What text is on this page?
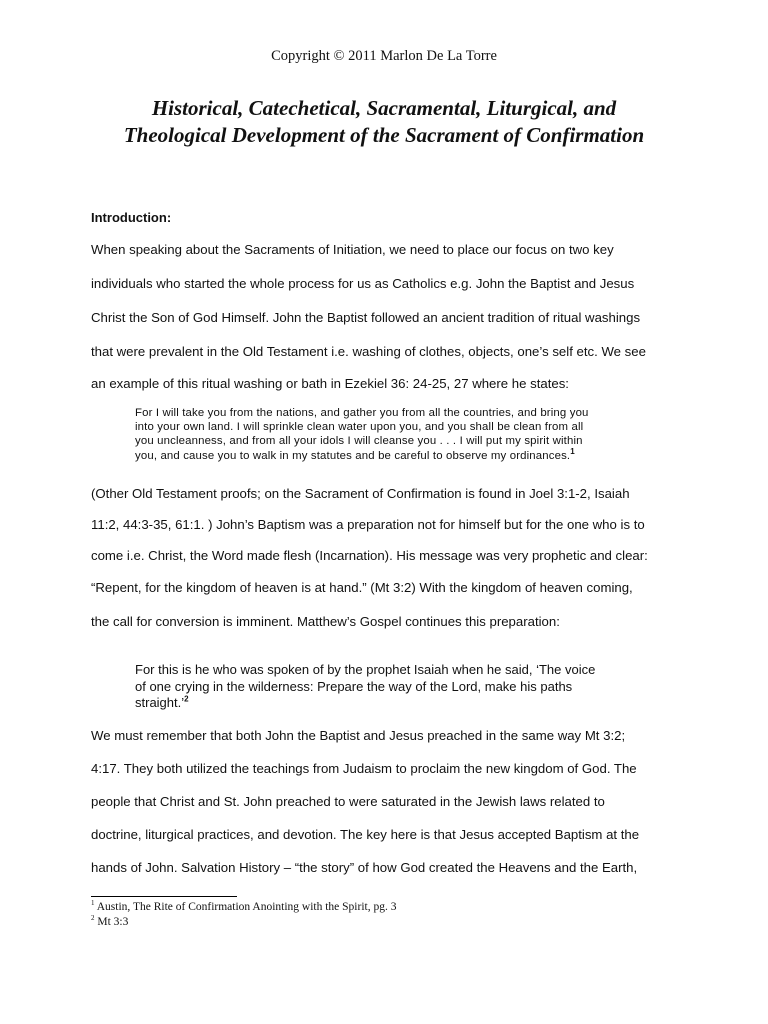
Copyright © 2011 Marlon De La Torre
Historical, Catechetical, Sacramental, Liturgical, and
Theological Development of the Sacrament of Confirmation
Introduction:
When speaking about the Sacraments of Initiation, we need to place our focus on two key
individuals who started the whole process for us as Catholics e.g. John the Baptist and Jesus
Christ the Son of God Himself. John the Baptist followed an ancient tradition of ritual washings
that were prevalent in the Old Testament i.e. washing of clothes, objects, one’s self etc. We see
an example of this ritual washing or bath in Ezekiel 36: 24-25, 27 where he states:
For I will take you from the nations, and gather you from all the countries, and bring you
into your own land. I will sprinkle clean water upon you, and you shall be clean from all
you uncleanness, and from all your idols I will cleanse you . . . I will put my spirit within
you, and cause you to walk in my statutes and be careful to observe my ordinances.$^1$
(Other Old Testament proofs; on the Sacrament of Confirmation is found in Joel 3:1-2, Isaiah
11:2, 44:3-35, 61:1. ) John’s Baptism was a preparation not for himself but for the one who is to
come i.e. Christ, the Word made flesh (Incarnation). His message was very prophetic and clear:
“Repent, for the kingdom of heaven is at hand.” (Mt 3:2) With the kingdom of heaven coming,
the call for conversion is imminent. Matthew’s Gospel continues this preparation:
For this is he who was spoken of by the prophet Isaiah when he said, ‘The voice
of one crying in the wilderness: Prepare the way of the Lord, make his paths
straight.’$^2$
We must remember that both John the Baptist and Jesus preached in the same way Mt 3:2;
4:17. They both utilized the teachings from Judaism to proclaim the new kingdom of God. The
people that Christ and St. John preached to were saturated in the Jewish laws related to
doctrine, liturgical practices, and devotion. The key here is that Jesus accepted Baptism at the
hands of John. Salvation History – “the story” of how God created the Heavens and the Earth,
$^1$ Austin, The Rite of Confirmation Anointing with the Spirit, pg. 3
$^2$ Mt 3:3
